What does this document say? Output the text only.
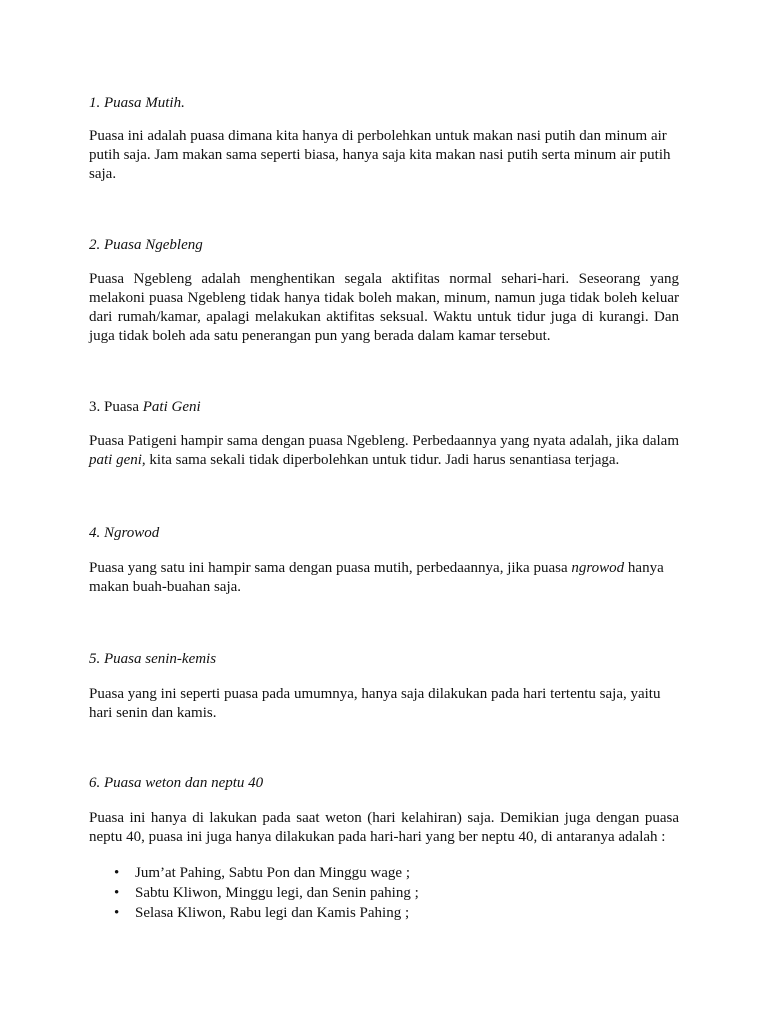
1. Puasa Mutih.

Puasa ini adalah puasa dimana kita hanya di perbolehkan untuk makan nasi putih dan minum air putih saja. Jam makan sama seperti biasa, hanya saja kita makan nasi putih serta minum air putih saja.

2. Puasa Ngebleng

Puasa Ngebleng adalah menghentikan segala aktifitas normal sehari-hari. Seseorang yang melakoni puasa Ngebleng tidak hanya tidak boleh makan, minum, namun juga tidak boleh keluar dari rumah/kamar, apalagi melakukan aktifitas seksual. Waktu untuk tidur juga di kurangi. Dan juga tidak boleh ada satu penerangan pun yang berada dalam kamar tersebut.

3. Puasa Pati Geni

Puasa Patigeni hampir sama dengan puasa Ngebleng. Perbedaannya yang nyata adalah, jika dalam pati geni, kita sama sekali tidak diperbolehkan untuk tidur. Jadi harus senantiasa terjaga.

4. Ngrowod

Puasa yang satu ini hampir sama dengan puasa mutih, perbedaannya, jika puasa ngrowod hanya makan buah-buahan saja.

5. Puasa senin-kemis

Puasa yang ini seperti puasa pada umumnya, hanya saja dilakukan pada hari tertentu saja, yaitu hari senin dan kamis.

6. Puasa weton dan neptu 40

Puasa ini hanya di lakukan pada saat weton (hari kelahiran) saja. Demikian juga dengan puasa neptu 40, puasa ini juga hanya dilakukan pada hari-hari yang ber neptu 40, di antaranya adalah :

• Jum’at Pahing, Sabtu Pon dan Minggu wage ;
• Sabtu Kliwon, Minggu legi, dan Senin pahing ;
• Selasa Kliwon, Rabu legi dan Kamis Pahing ;
